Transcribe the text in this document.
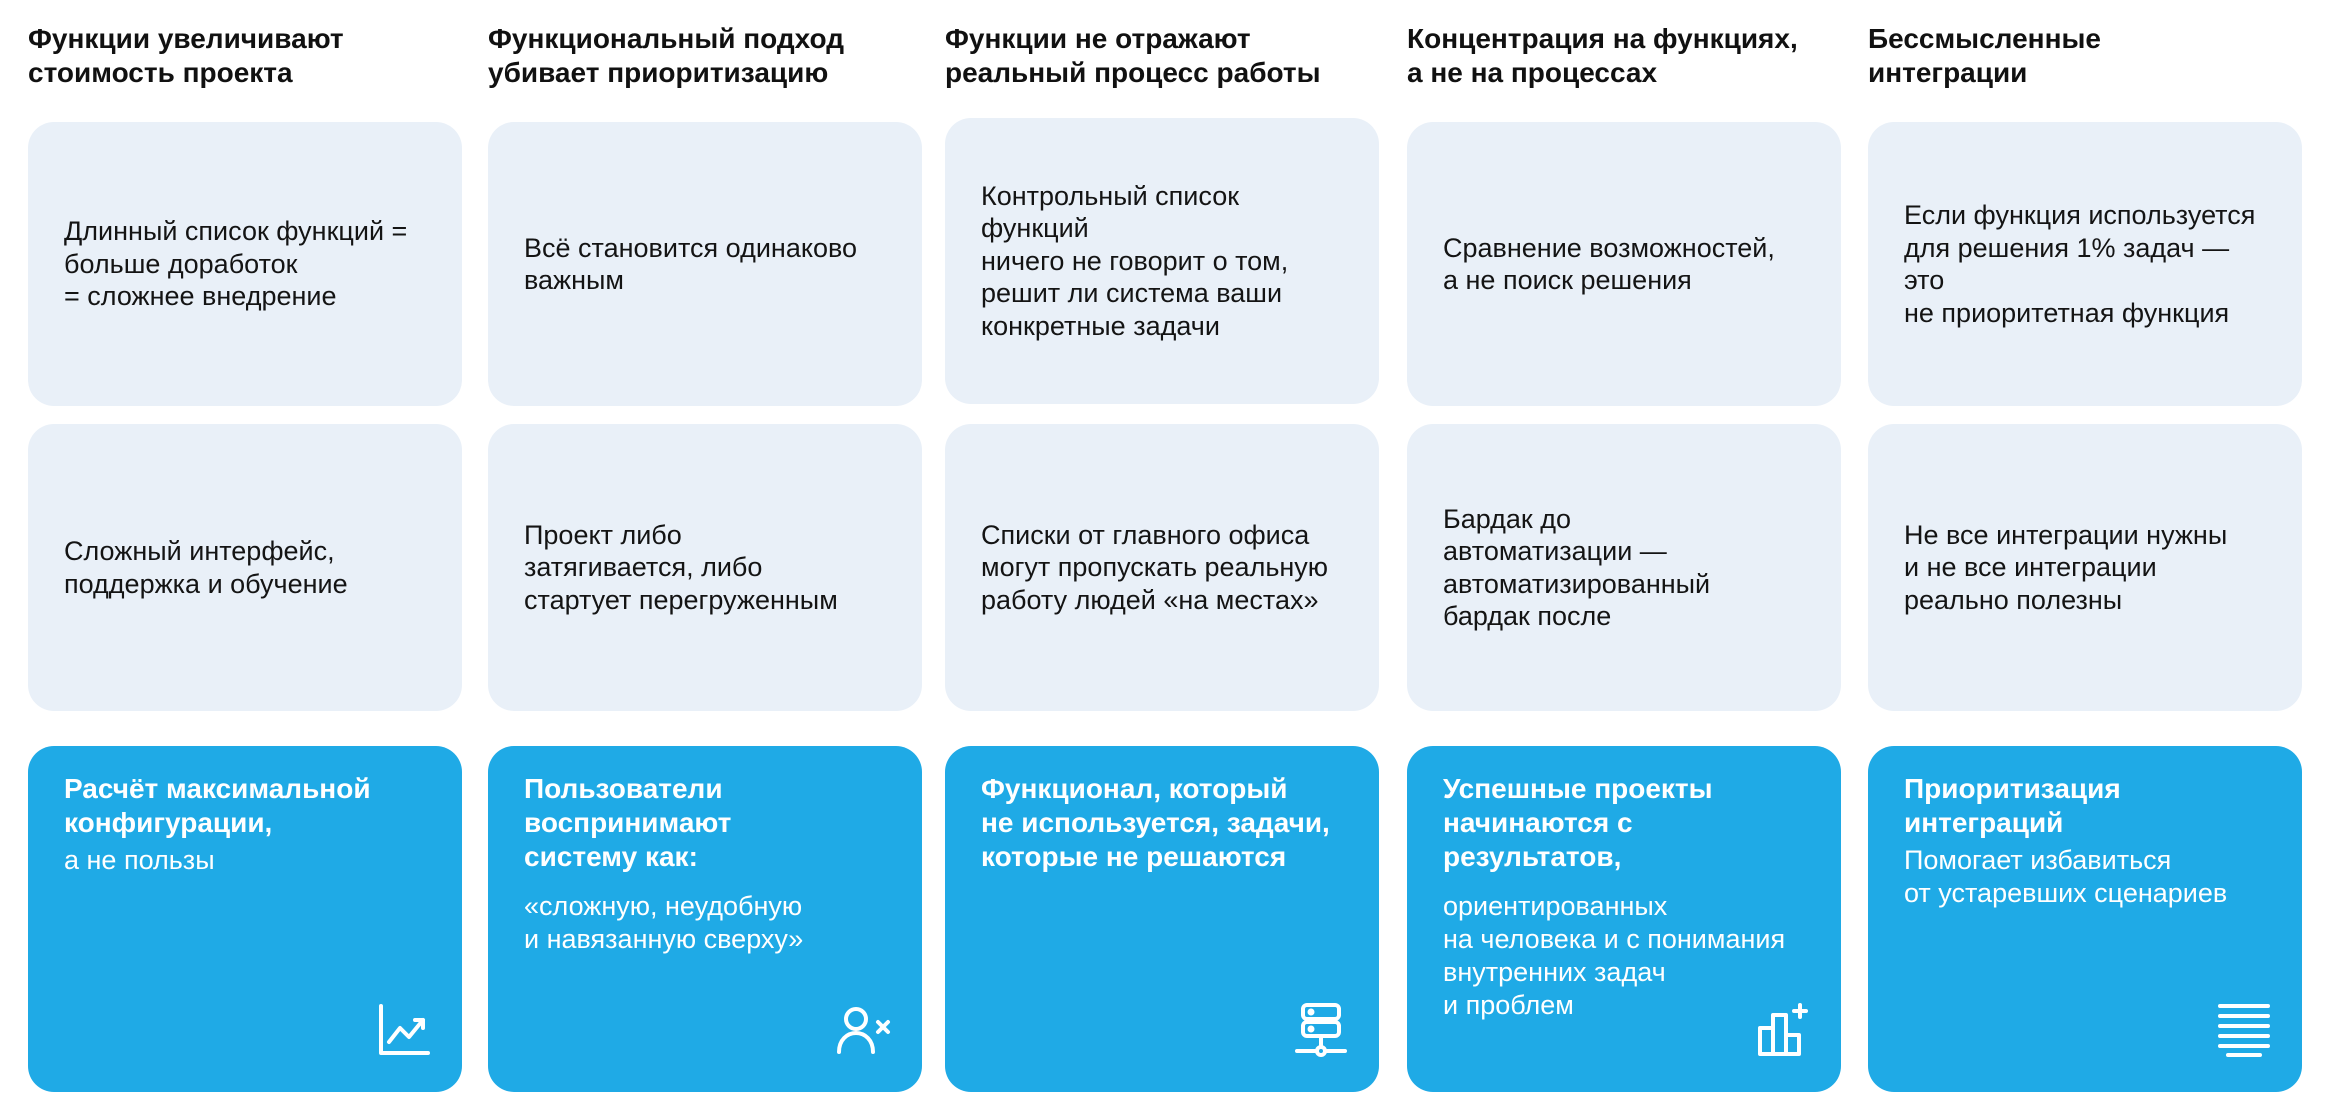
Функции увеличивают
стоимость проекта
Длинный список функций =
больше доработок
= сложнее внедрение
Сложный интерфейс,
поддержка и обучение
Расчёт максимальной
конфигурации,
а не пользы
Функциональный подход
убивает приоритизацию
Всё становится одинаково
важным
Проект либо
затягивается, либо
стартует перегруженным
Пользователи
воспринимают
систему как:
«сложную, неудобную
и навязанную сверху»
Функции не отражают
реальный процесс работы
Контрольный список функций
ничего не говорит о том,
решит ли система ваши
конкретные задачи
Списки от главного офиса
могут пропускать реальную
работу людей «на местах»
Функционал, который
не используется, задачи,
которые не решаются
Концентрация на функциях,
а не на процессах
Сравнение возможностей,
а не поиск решения
Бардак до
автоматизации —
автоматизированный
бардак после
Успешные проекты
начинаются с результатов,
ориентированных
на человека и с понимания
внутренних задач
и проблем
Бессмысленные
интеграции
Если функция используется
для решения 1% задач — это
не приоритетная функция
Не все интеграции нужны
и не все интеграции
реально полезны
Приоритизация
интеграций
Помогает избавиться
от устаревших сценариев
